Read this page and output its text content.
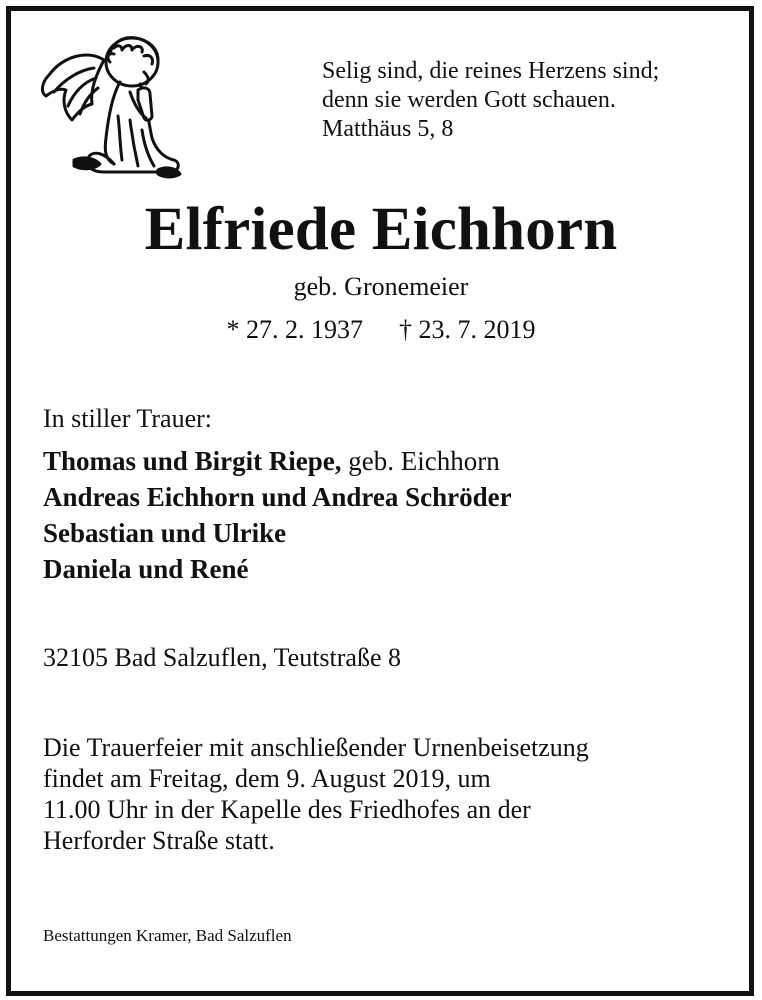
Selig sind, die reines Herzens sind;
denn sie werden Gott schauen.
Matthäus 5, 8
Elfriede Eichhorn
geb. Gronemeier
* 27. 2. 1937 † 23. 7. 2019
In stiller Trauer:
Thomas und Birgit Riepe, geb. Eichhorn
Andreas Eichhorn und Andrea Schröder
Sebastian und Ulrike
Daniela und René
32105 Bad Salzuflen, Teutstraße 8
Die Trauerfeier mit anschließender Urnenbeisetzung
findet am Freitag, dem 9. August 2019, um
11.00 Uhr in der Kapelle des Friedhofes an der
Herforder Straße statt.
Bestattungen Kramer, Bad Salzuflen
